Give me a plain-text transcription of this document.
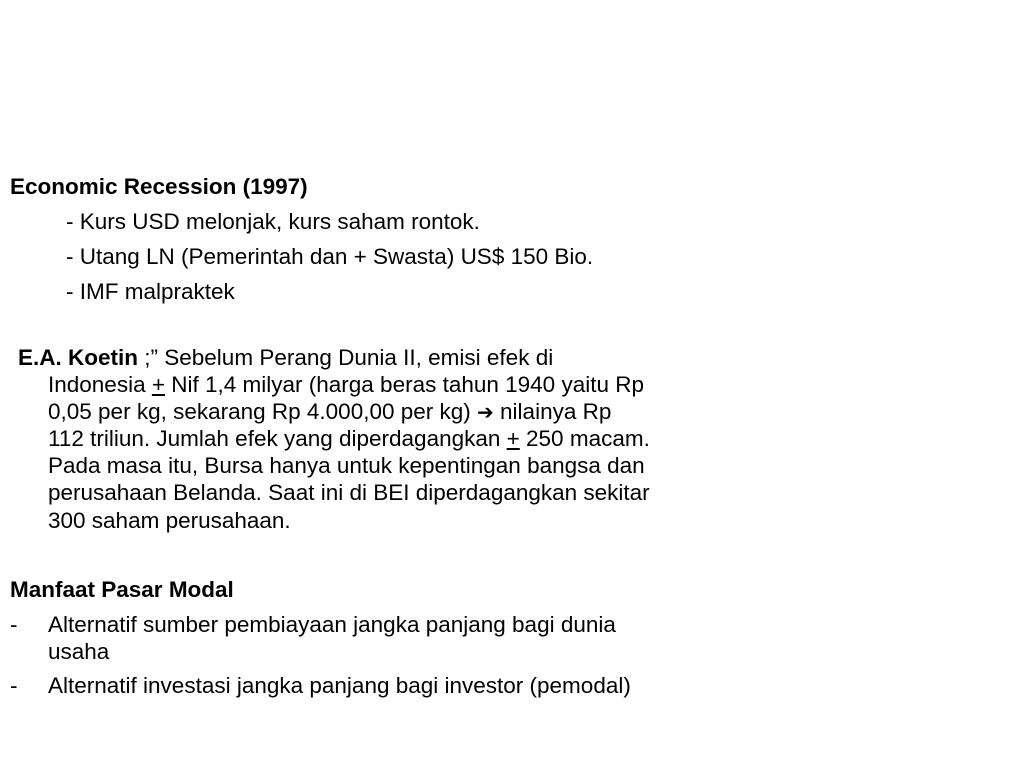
Economic Recession (1997)
- Kurs USD melonjak, kurs saham rontok.
- Utang LN (Pemerintah dan + Swasta) US$ 150 Bio.
- IMF malpraktek
E.A. Koetin ;” Sebelum Perang Dunia II, emisi efek di
Indonesia + Nif 1,4 milyar (harga beras tahun 1940 yaitu Rp
0,05 per kg, sekarang Rp 4.000,00 per kg) ➔ nilainya Rp
112 triliun. Jumlah efek yang diperdagangkan + 250 macam.
Pada masa itu, Bursa hanya untuk kepentingan bangsa dan
perusahaan Belanda. Saat ini di BEI diperdagangkan sekitar
300 saham perusahaan.
Manfaat Pasar Modal
- Alternatif sumber pembiayaan jangka panjang bagi dunia
usaha
- Alternatif investasi jangka panjang bagi investor (pemodal)
